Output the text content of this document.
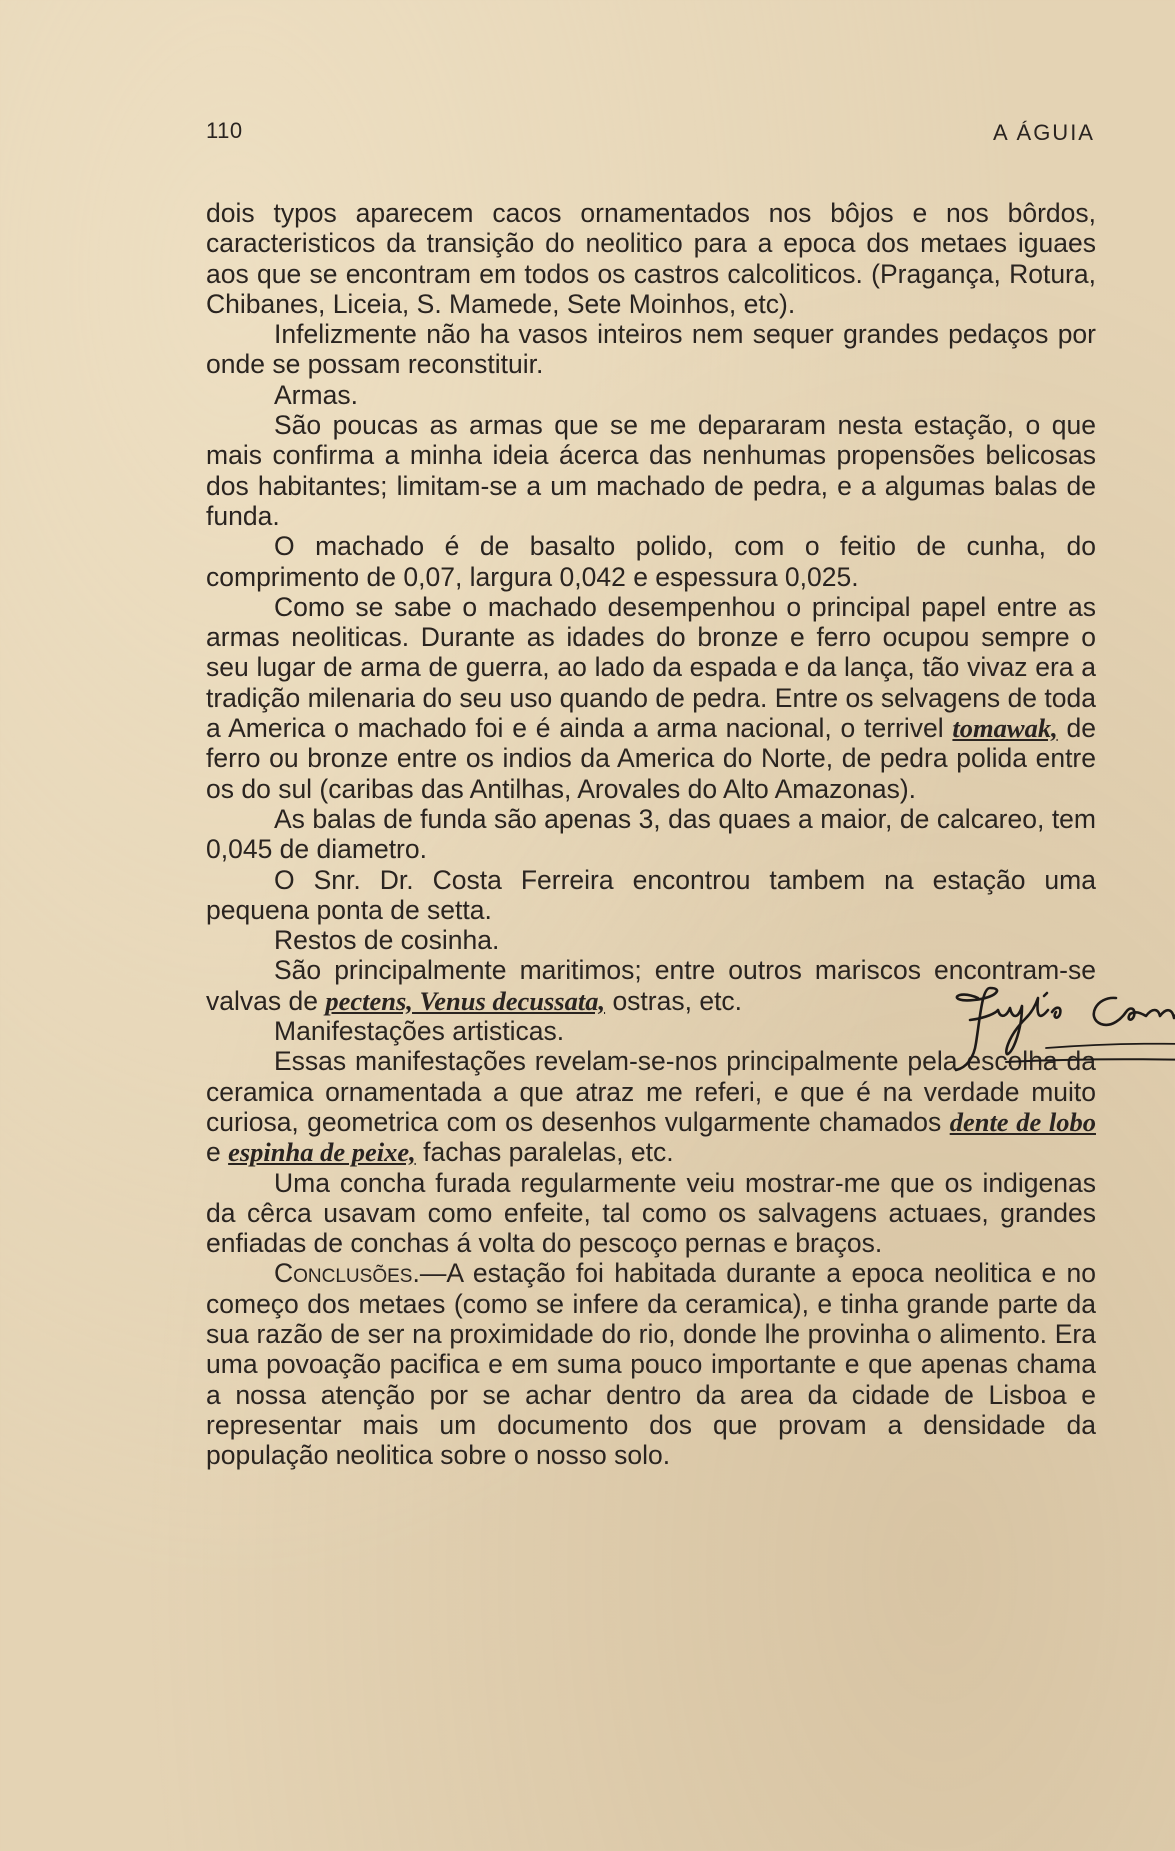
110	A ÁGUIA

dois typos aparecem cacos ornamentados nos bôjos e nos bôrdos, caracteristicos da transição do neolitico para a epoca dos metaes iguaes aos que se encontram em todos os castros calcoliticos. (Pragança, Rotura, Chibanes, Liceia, S. Mamede, Sete Moinhos, etc).

Infelizmente não ha vasos inteiros nem sequer grandes pedaços por onde se possam reconstituir.

Armas.

São poucas as armas que se me depararam nesta estação, o que mais confirma a minha ideia ácerca das nenhumas propensões belicosas dos habitantes; limitam-se a um machado de pedra, e a algumas balas de funda.

O machado é de basalto polido, com o feitio de cunha, do comprimento de 0,07, largura 0,042 e espessura 0,025.

Como se sabe o machado desempenhou o principal papel entre as armas neoliticas. Durante as idades do bronze e ferro ocupou sempre o seu lugar de arma de guerra, ao lado da espada e da lança, tão vivaz era a tradição milenaria do seu uso quando de pedra. Entre os selvagens de toda a America o machado foi e é ainda a arma nacional, o terrivel tomawak, de ferro ou bronze entre os indios da America do Norte, de pedra polida entre os do sul (caribas das Antilhas, Arovales do Alto Amazonas).

As balas de funda são apenas 3, das quaes a maior, de calcareo, tem 0,045 de diametro.

O Snr. Dr. Costa Ferreira encontrou tambem na estação uma pequena ponta de setta.

Restos de cosinha.

São principalmente maritimos; entre outros mariscos encontram-se valvas de pectens, Venus decussata, ostras, etc.

Manifestações artisticas.

Essas manifestações revelam-se-nos principalmente pela escolha da ceramica ornamentada a que atraz me referi, e que é na verdade muito curiosa, geometrica com os desenhos vulgarmente chamados dente de lobo e espinha de peixe, fachas paralelas, etc.

Uma concha furada regularmente veiu mostrar-me que os indigenas da cêrca usavam como enfeite, tal como os salvagens actuaes, grandes enfiadas de conchas á volta do pescoço pernas e braços.

Conclusões.—A estação foi habitada durante a epoca neolitica e no começo dos metaes (como se infere da ceramica), e tinha grande parte da sua razão de ser na proximidade do rio, donde lhe provinha o alimento. Era uma povoação pacifica e em suma pouco importante e que apenas chama a nossa atenção por se achar dentro da area da cidade de Lisboa e representar mais um documento dos que provam a densidade da população neolitica sobre o nosso solo.
